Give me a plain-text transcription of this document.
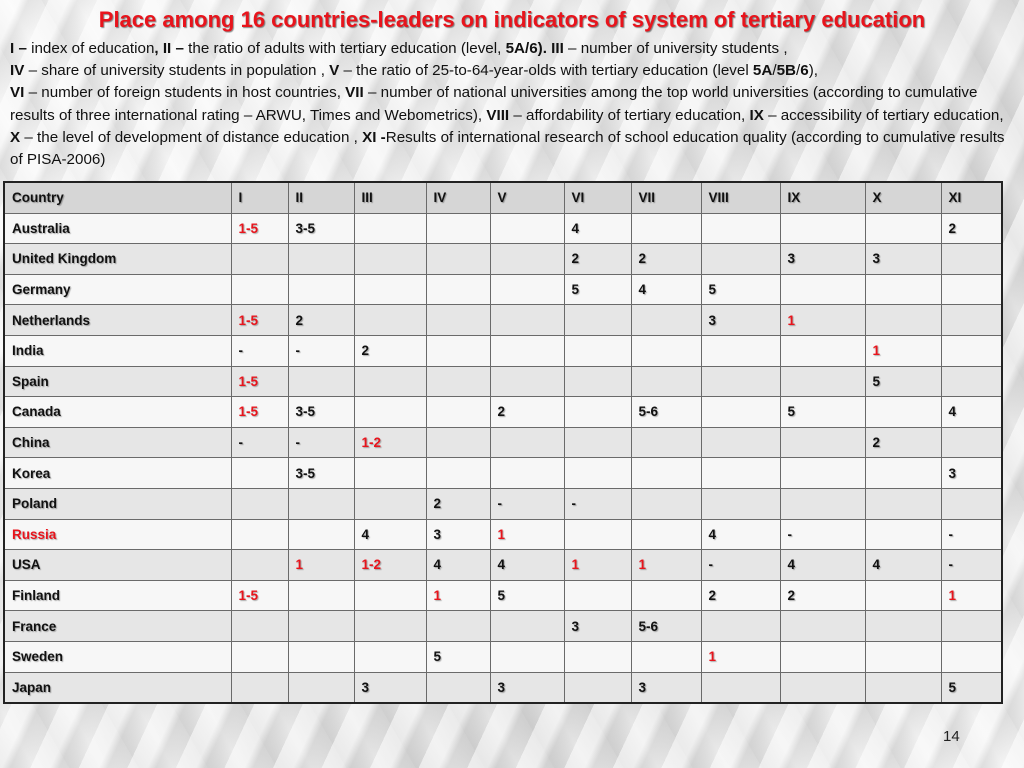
Place among 16 countries-leaders on indicators of system of tertiary education
I – index of education, II – the ratio of adults with tertiary education (level, 5A/6). III – number of university students ,
IV – share of university students in population , V – the ratio of 25-to-64-year-olds with tertiary education (level 5A/5B/6),
VI – number of foreign students in host countries, VII – number of national universities among the top world universities (according to cumulative results of three international rating – ARWU, Times and Webometrics), VIII – affordability of tertiary education, IX – accessibility of tertiary education, X – the level of development of distance education , XI -Results of international research of school education quality (according to cumulative results of PISA-2006)
Country	I	II	III	IV	V	VI	VII	VIII	IX	X	XI
Australia	1-5	3-5				4					2
United Kingdom						2	2		3	3	
Germany						5	4	5			
Netherlands	1-5	2						3	1		
India	-	-	2							1	
Spain	1-5									5	
Canada	1-5	3-5			2		5-6		5		4
China	-	-	1-2							2	
Korea		3-5									3
Poland				2	-	-					
Russia			4	3	1			4	-		-
USA		1	1-2	4	4	1	1	-	4	4	-
Finland	1-5			1	5			2	2		1
France						3	5-6				
Sweden				5				1			
Japan			3		3		3				5
14
